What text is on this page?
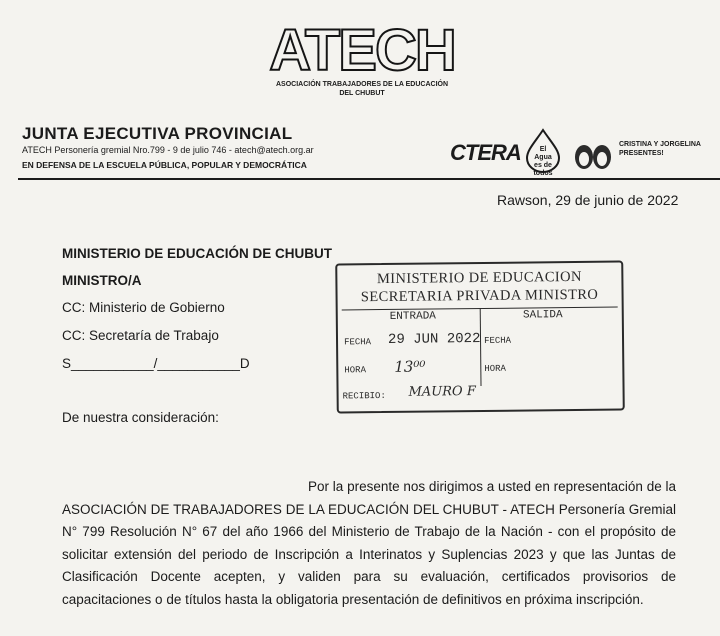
ATECH
ASOCIACIÓN TRABAJADORES DE LA EDUCACIÓN
DEL CHUBUT
JUNTA EJECUTIVA PROVINCIAL
ATECH Personería gremial Nro.799 - 9 de julio 746 - atech@atech.org.ar
EN DEFENSA DE LA ESCUELA PÚBLICA, POPULAR Y DEMOCRÁTICA	CTERA	El
Agua
es de
todos
CRISTINA Y JORGELINA
PRESENTES!
Rawson, 29 de junio de 2022
MINISTERIO DE EDUCACIÓN DE CHUBUT
MINISTRO/A
CC: Ministerio de Gobierno
CC: Secretaría de Trabajo
S___________/___________D
De nuestra consideración:
Por la presente nos dirigimos a usted en representación de la ASOCIACIÓN DE TRABAJADORES DE LA EDUCACIÓN DEL CHUBUT - ATECH Personería Gremial N° 799 Resolución N° 67 del año 1966 del Ministerio de Trabajo de la Nación - con el propósito de solicitar extensión del periodo de Inscripción a Interinatos y Suplencias 2023 y que las Juntas de Clasificación Docente acepten, y validen para su evaluación, certificados provisorios de capacitaciones o de títulos hasta la obligatoria presentación de definitivos en próxima inscripción.
MINISTERIO DE EDUCACION
SECRETARIA PRIVADA MINISTRO
ENTRADA	SALIDA
FECHA 29 JUN 2022 FECHA
HORA 13⁰⁰	HORA
RECIBIO: MAURO F
